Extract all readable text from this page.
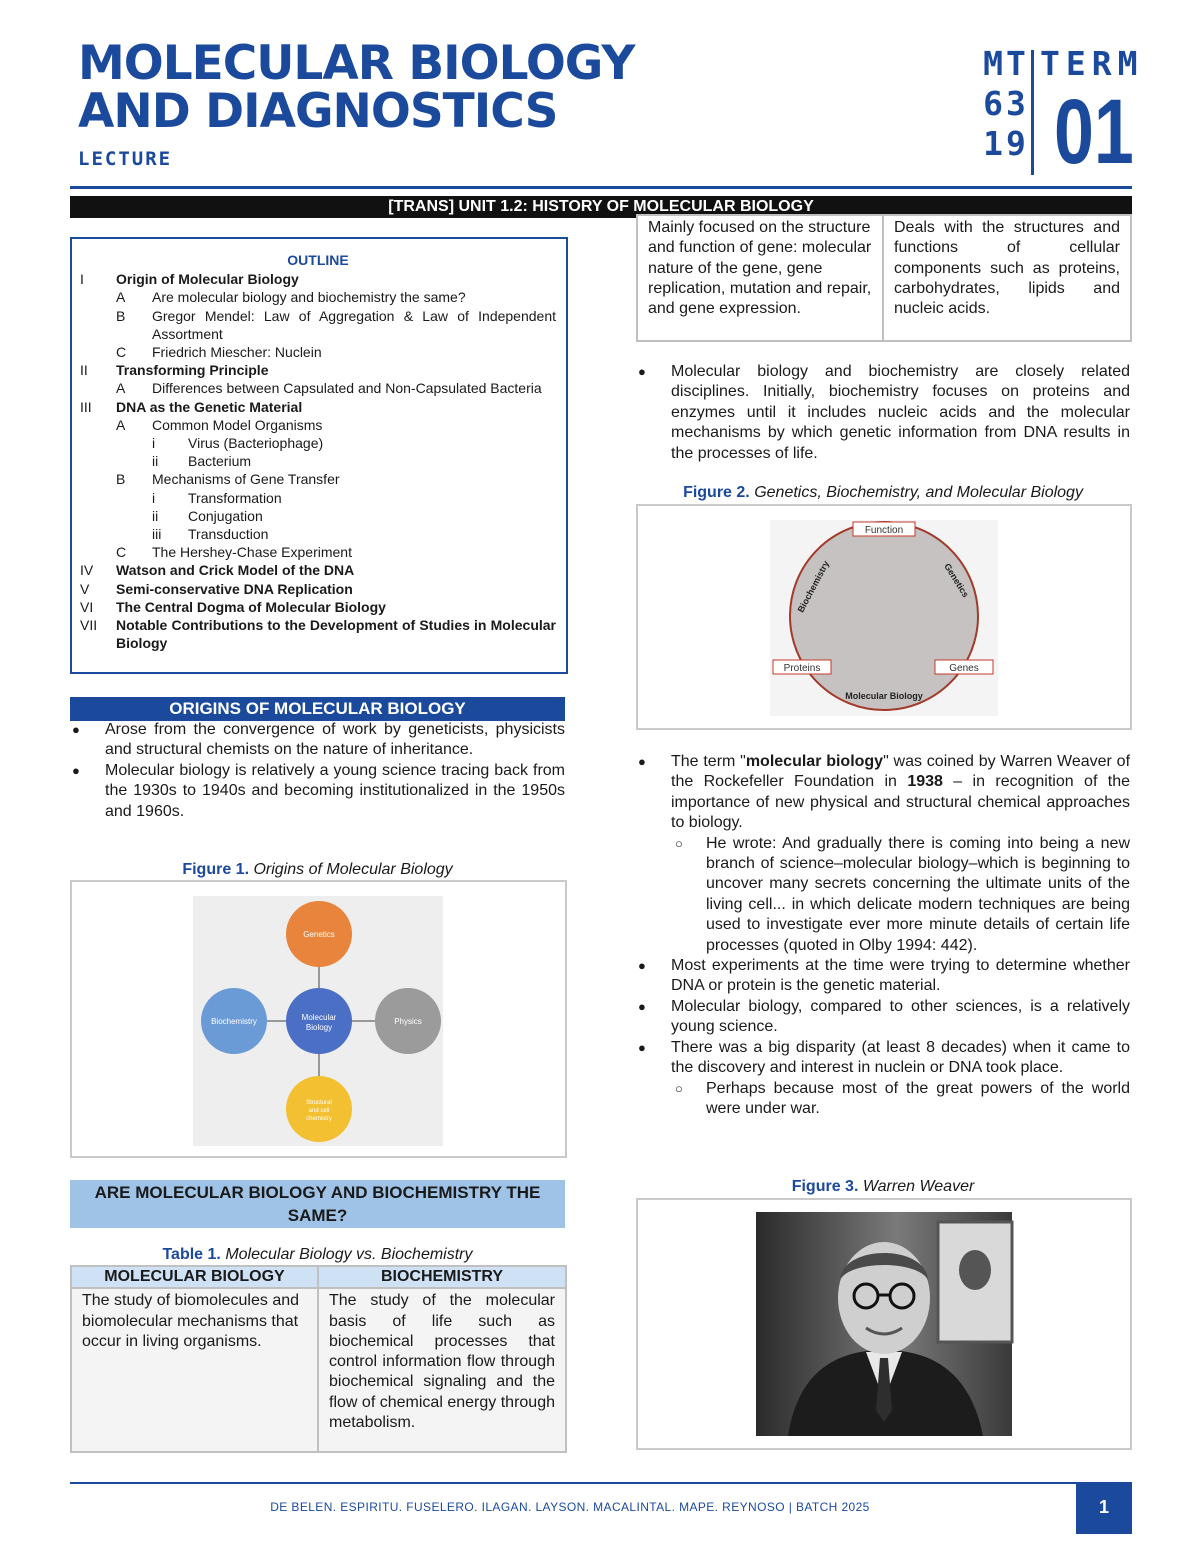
MOLECULAR BIOLOGY
AND DIAGNOSTICS
LECTURE
MT
63
19
TERM
01
[TRANS] UNIT 1.2: HISTORY OF MOLECULAR BIOLOGY
OUTLINE
I	Origin of Molecular Biology
A	Are molecular biology and biochemistry the same?
B	Gregor Mendel: Law of Aggregation & Law of Independent Assortment
C	Friedrich Miescher: Nuclein
II	Transforming Principle
A	Differences between Capsulated and Non-Capsulated Bacteria
III	DNA as the Genetic Material
A	Common Model Organisms
i	Virus (Bacteriophage)
ii	Bacterium
B	Mechanisms of Gene Transfer
i	Transformation
ii	Conjugation
iii	Transduction
C	The Hershey-Chase Experiment
IV	Watson and Crick Model of the DNA
V	Semi-conservative DNA Replication
VI	The Central Dogma of Molecular Biology
VII	Notable Contributions to the Development of Studies in Molecular Biology
ORIGINS OF MOLECULAR BIOLOGY
●	Arose from the convergence of work by geneticists, physicists and structural chemists on the nature of inheritance.
●	Molecular biology is relatively a young science tracing back from the 1930s to 1940s and becoming institutionalized in the 1950s and 1960s.
Figure 1. Origins of Molecular Biology
Genetics
Biochemistry	Physics
Molecular
Biology
Structural
and cell
chemistry
ARE MOLECULAR BIOLOGY AND BIOCHEMISTRY THE SAME?
Table 1. Molecular Biology vs. Biochemistry
MOLECULAR BIOLOGY	BIOCHEMISTRY
The study of biomolecules and biomolecular mechanisms that occur in living organisms.	The study of the molecular basis of life such as biochemical processes that control information flow through biochemical signaling and the flow of chemical energy through metabolism.
Mainly focused on the structure and function of gene: molecular nature of the gene, gene replication, mutation and repair, and gene expression.	Deals with the structures and functions of cellular components such as proteins, carbohydrates, lipids and nucleic acids.
●	Molecular biology and biochemistry are closely related disciplines. Initially, biochemistry focuses on proteins and enzymes until it includes nucleic acids and the molecular mechanisms by which genetic information from DNA results in the processes of life.
Figure 2. Genetics, Biochemistry, and Molecular Biology
Function
Proteins	Genes
Molecular Biology
Biochemistry	Genetics
●	The term "molecular biology" was coined by Warren Weaver of the Rockefeller Foundation in 1938 – in recognition of the importance of new physical and structural chemical approaches to biology.
○	He wrote: And gradually there is coming into being a new branch of science–molecular biology–which is beginning to uncover many secrets concerning the ultimate units of the living cell... in which delicate modern techniques are being used to investigate ever more minute details of certain life processes (quoted in Olby 1994: 442).
●	Most experiments at the time were trying to determine whether DNA or protein is the genetic material.
●	Molecular biology, compared to other sciences, is a relatively young science.
●	There was a big disparity (at least 8 decades) when it came to the discovery and interest in nuclein or DNA took place.
○	Perhaps because most of the great powers of the world were under war.
Figure 3. Warren Weaver
DE BELEN. ESPIRITU. FUSELERO. ILAGAN. LAYSON. MACALINTAL. MAPE. REYNOSO | BATCH 2025	1
